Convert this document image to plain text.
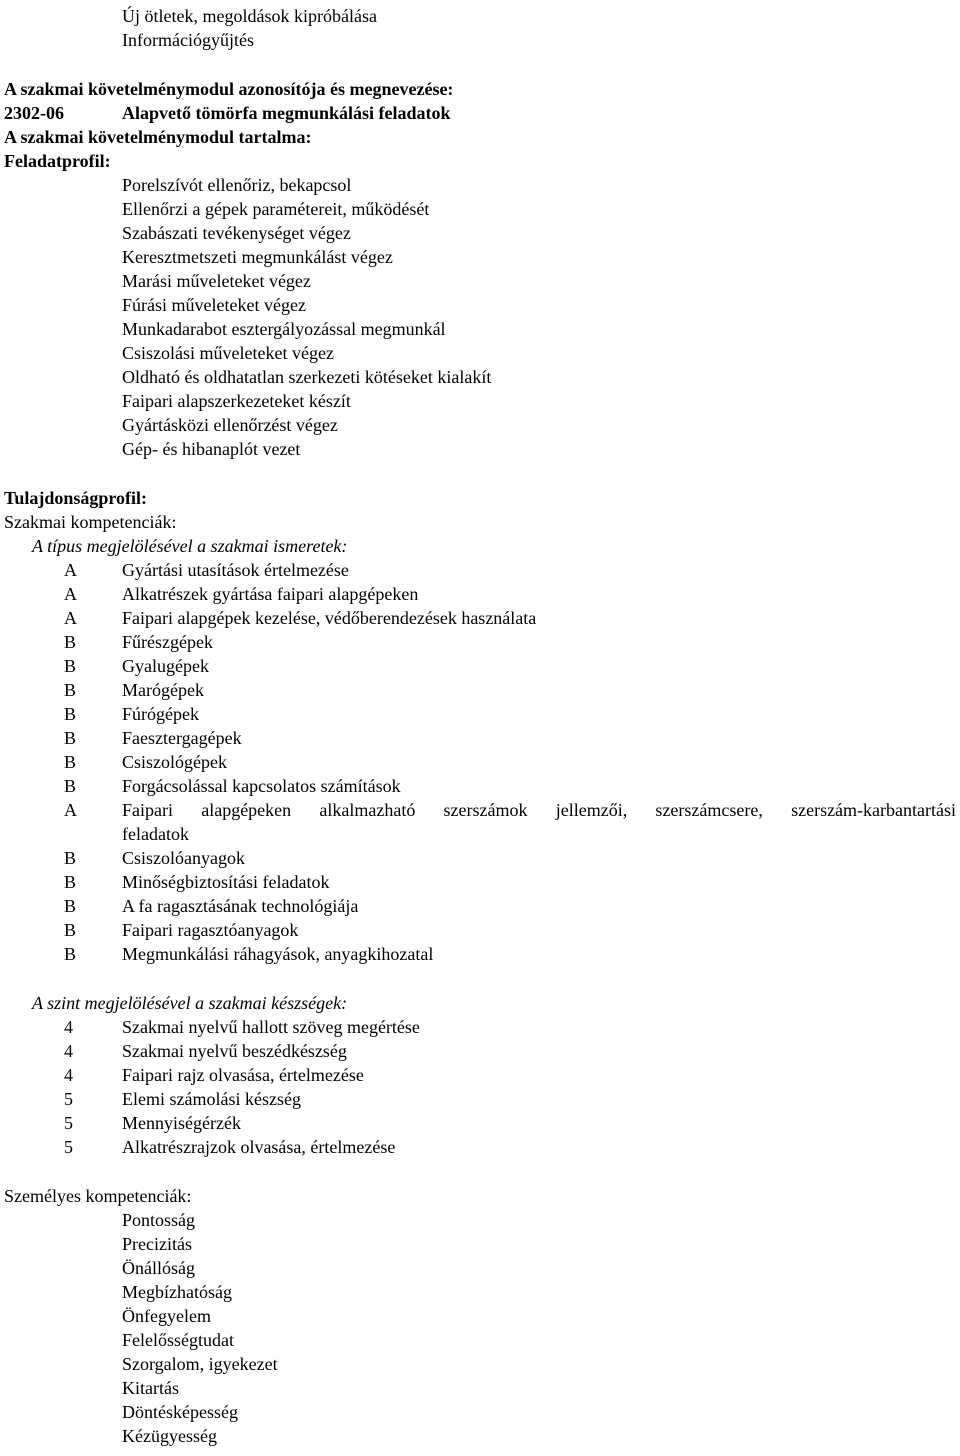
Új ötletek, megoldások kipróbálása
Információgyűjtés
A szakmai követelménymodul azonosítója és megnevezése:
2302-06	Alapvető tömörfa megmunkálási feladatok
A szakmai követelménymodul tartalma:
Feladatprofil:
Porelszívót ellenőriz, bekapcsol
Ellenőrzi a gépek paramétereit, működését
Szabászati tevékenységet végez
Keresztmetszeti megmunkálást végez
Marási műveleteket végez
Fúrási műveleteket végez
Munkadarabot esztergályozással megmunkál
Csiszolási műveleteket végez
Oldható és oldhatatlan szerkezeti kötéseket kialakít
Faipari alapszerkezeteket készít
Gyártásközi ellenőrzést végez
Gép- és hibanaplót vezet
Tulajdonságprofil:
Szakmai kompetenciák:
A típus megjelölésével a szakmai ismeretek:
A	Gyártási utasítások értelmezése
A	Alkatrészek gyártása faipari alapgépeken
A	Faipari alapgépek kezelése, védőberendezések használata
B	Fűrészgépek
B	Gyalugépek
B	Marógépek
B	Fúrógépek
B	Faesztergagépek
B	Csiszológépek
B	Forgácsolással kapcsolatos számítások
A	Faipari alapgépeken alkalmazható szerszámok jellemzői, szerszámcsere, szerszám-karbantartási
feladatok
B	Csiszolóanyagok
B	Minőségbiztosítási feladatok
B	A fa ragasztásának technológiája
B	Faipari ragasztóanyagok
B	Megmunkálási ráhagyások, anyagkihozatal
A szint megjelölésével a szakmai készségek:
4	Szakmai nyelvű hallott szöveg megértése
4	Szakmai nyelvű beszédkészség
4	Faipari rajz olvasása, értelmezése
5	Elemi számolási készség
5	Mennyiségérzék
5	Alkatrészrajzok olvasása, értelmezése
Személyes kompetenciák:
Pontosság
Precizitás
Önállóság
Megbízhatóság
Önfegyelem
Felelősségtudat
Szorgalom, igyekezet
Kitartás
Döntésképesség
Kézügyesség
